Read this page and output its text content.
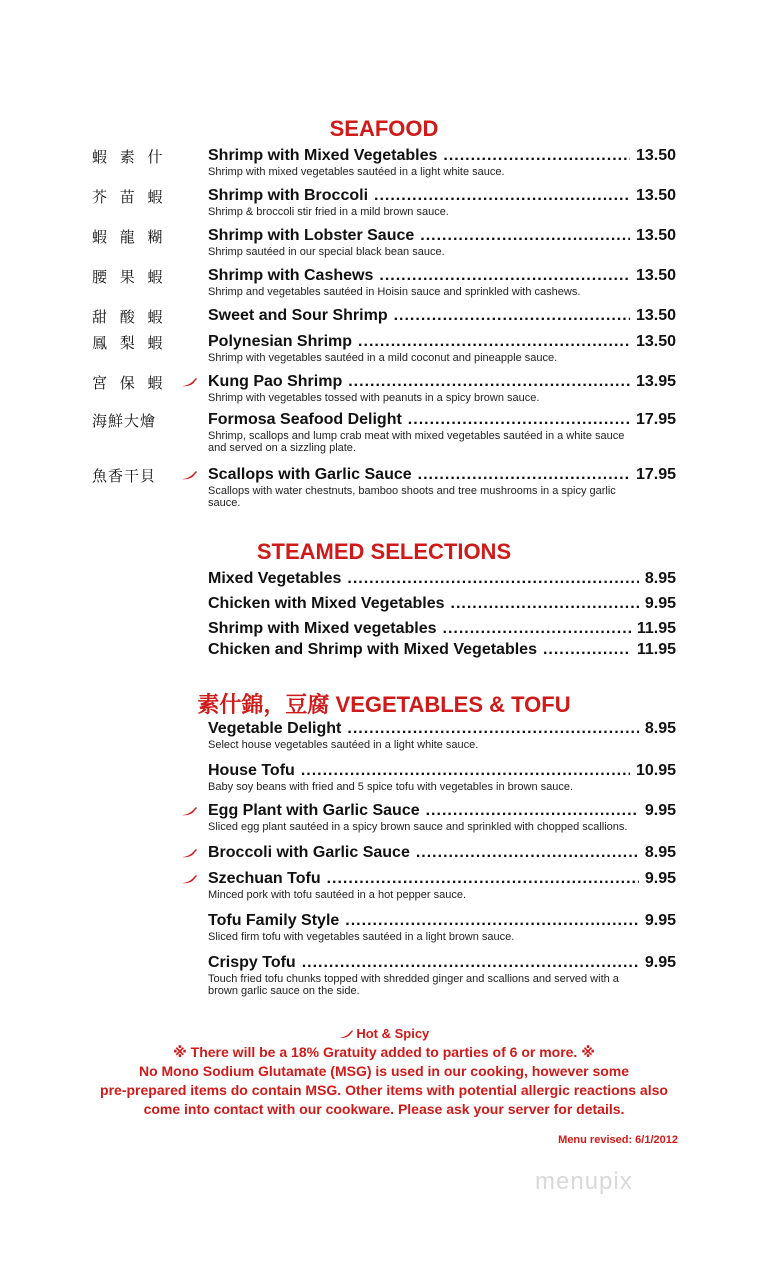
SEAFOOD
蝦 素 什	Shrimp with Mixed Vegetables .....	13.50
Shrimp with mixed vegetables sautéed in a light white sauce.
芥 苗 蝦	Shrimp with Broccoli .....	13.50
Shrimp & broccoli stir fried in a mild brown sauce.
蝦 龍 糊	Shrimp with Lobster Sauce .....	13.50
Shrimp sautéed in our special black bean sauce.
腰 果 蝦	Shrimp with Cashews .....	13.50
Shrimp and vegetables sautéed in Hoisin sauce and sprinkled with cashews.
甜 酸 蝦	Sweet and Sour Shrimp .....	13.50
鳳 梨 蝦	Polynesian Shrimp .....	13.50
Shrimp with vegetables sautéed in a mild coconut and pineapple sauce.
宮 保 蝦	Kung Pao Shrimp .....	13.95
Shrimp with vegetables tossed with peanuts in a spicy brown sauce.
海鮮大燴	Formosa Seafood Delight .....	17.95
Shrimp, scallops and lump crab meat with mixed vegetables sautéed in a white sauce and served on a sizzling plate.
魚香干貝	Scallops with Garlic Sauce .....	17.95
Scallops with water chestnuts, bamboo shoots and tree mushrooms in a spicy garlic sauce.
STEAMED SELECTIONS
Mixed Vegetables .....	8.95
Chicken with Mixed Vegetables .....	9.95
Shrimp with Mixed vegetables .....	11.95
Chicken and Shrimp with Mixed Vegetables .....	11.95
素什錦，豆腐 VEGETABLES & TOFU
Vegetable Delight .....	8.95
Select house vegetables sautéed in a light white sauce.
House Tofu .....	10.95
Baby soy beans with fried and 5 spice tofu with vegetables in brown sauce.
Egg Plant with Garlic Sauce .....	9.95
Sliced egg plant sautéed in a spicy brown sauce and sprinkled with chopped scallions.
Broccoli with Garlic Sauce .....	8.95
Szechuan Tofu .....	9.95
Minced pork with tofu sautéed in a hot pepper sauce.
Tofu Family Style .....	9.95
Sliced firm tofu with vegetables sautéed in a light brown sauce.
Crispy Tofu .....	9.95
Touch fried tofu chunks topped with shredded ginger and scallions and served with a brown garlic sauce on the side.
Hot & Spicy
※ There will be a 18% Gratuity added to parties of 6 or more. ※
No Mono Sodium Glutamate (MSG) is used in our cooking, however some
pre-prepared items do contain MSG. Other items with potential allergic reactions also
come into contact with our cookware. Please ask your server for details.
Menu revised: 6/1/2012
menupix
